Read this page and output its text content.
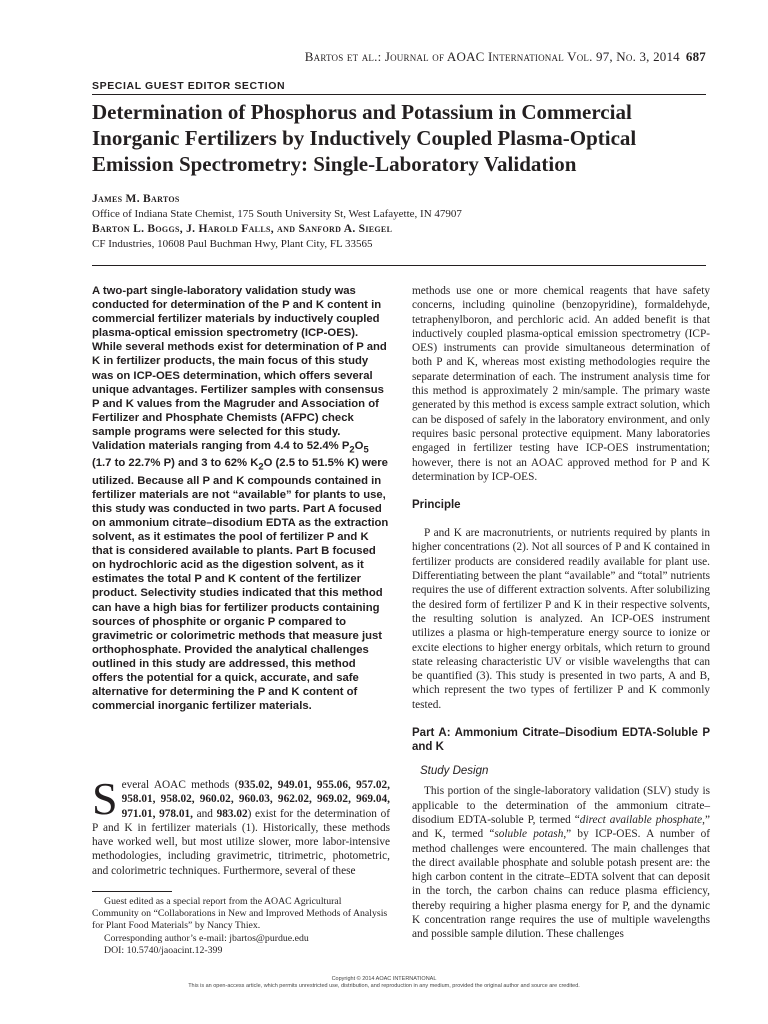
Bartos et al.: Journal of AOAC International Vol. 97, No. 3, 2014 687
SPECIAL GUEST EDITOR SECTION
Determination of Phosphorus and Potassium in Commercial Inorganic Fertilizers by Inductively Coupled Plasma-Optical Emission Spectrometry: Single-Laboratory Validation
James M. Bartos
Office of Indiana State Chemist, 175 South University St, West Lafayette, IN 47907
Barton L. Boggs, J. Harold Falls, and Sanford A. Siegel
CF Industries, 10608 Paul Buchman Hwy, Plant City, FL 33565
A two-part single-laboratory validation study was conducted for determination of the P and K content in commercial fertilizer materials by inductively coupled plasma-optical emission spectrometry (ICP-OES). While several methods exist for determination of P and K in fertilizer products, the main focus of this study was on ICP-OES determination, which offers several unique advantages. Fertilizer samples with consensus P and K values from the Magruder and Association of Fertilizer and Phosphate Chemists (AFPC) check sample programs were selected for this study. Validation materials ranging from 4.4 to 52.4% $P_2O_5$ (1.7 to 22.7% P) and 3 to 62% $K_2O$ (2.5 to 51.5% K) were utilized. Because all P and K compounds contained in fertilizer materials are not “available” for plants to use, this study was conducted in two parts. Part A focused on ammonium citrate–disodium EDTA as the extraction solvent, as it estimates the pool of fertilizer P and K that is considered available to plants. Part B focused on hydrochloric acid as the digestion solvent, as it estimates the total P and K content of the fertilizer product. Selectivity studies indicated that this method can have a high bias for fertilizer products containing sources of phosphite or organic P compared to gravimetric or colorimetric methods that measure just orthophosphate. Provided the analytical challenges outlined in this study are addressed, this method offers the potential for a quick, accurate, and safe alternative for determining the P and K content of commercial inorganic fertilizer materials.
Several AOAC methods (935.02, 949.01, 955.06, 957.02, 958.01, 958.02, 960.02, 960.03, 962.02, 969.02, 969.04, 971.01, 978.01, and 983.02) exist for the determination of P and K in fertilizer materials (1). Historically, these methods have worked well, but most utilize slower, more labor-intensive methodologies, including gravimetric, titrimetric, photometric, and colorimetric techniques. Furthermore, several of these
Guest edited as a special report from the AOAC Agricultural Community on “Collaborations in New and Improved Methods of Analysis for Plant Food Materials” by Nancy Thiex.
Corresponding author’s e-mail: jbartos@purdue.edu
DOI: 10.5740/jaoacint.12-399
methods use one or more chemical reagents that have safety concerns, including quinoline (benzopyridine), formaldehyde, tetraphenylboron, and perchloric acid. An added benefit is that inductively coupled plasma-optical emission spectrometry (ICP-OES) instruments can provide simultaneous determination of both P and K, whereas most existing methodologies require the separate determination of each. The instrument analysis time for this method is approximately 2 min/sample. The primary waste generated by this method is excess sample extract solution, which can be disposed of safely in the laboratory environment, and only requires basic personal protective equipment. Many laboratories engaged in fertilizer testing have ICP-OES instrumentation; however, there is not an AOAC approved method for P and K determination by ICP-OES.
Principle
P and K are macronutrients, or nutrients required by plants in higher concentrations (2). Not all sources of P and K contained in fertilizer products are considered readily available for plant use. Differentiating between the plant “available” and “total” nutrients requires the use of different extraction solvents. After solubilizing the desired form of fertilizer P and K in their respective solvents, the resulting solution is analyzed. An ICP-OES instrument utilizes a plasma or high-temperature energy source to ionize or excite elections to higher energy orbitals, which return to ground state releasing characteristic UV or visible wavelengths that can be quantified (3). This study is presented in two parts, A and B, which represent the two types of fertilizer P and K commonly tested.
Part A: Ammonium Citrate–Disodium EDTA-Soluble P and K
Study Design
This portion of the single-laboratory validation (SLV) study is applicable to the determination of the ammonium citrate–disodium EDTA-soluble P, termed “direct available phosphate,” and K, termed “soluble potash,” by ICP-OES. A number of method challenges were encountered. The main challenges that the direct available phosphate and soluble potash present are: the high carbon content in the citrate–EDTA solvent that can deposit in the torch, the carbon chains can reduce plasma efficiency, thereby requiring a higher plasma energy for P, and the dynamic K concentration range requires the use of multiple wavelengths and possible sample dilution. These challenges
Copyright © 2014 AOAC INTERNATIONAL
This is an open-access article, which permits unrestricted use, distribution, and reproduction in any medium, provided the original author and source are credited.
